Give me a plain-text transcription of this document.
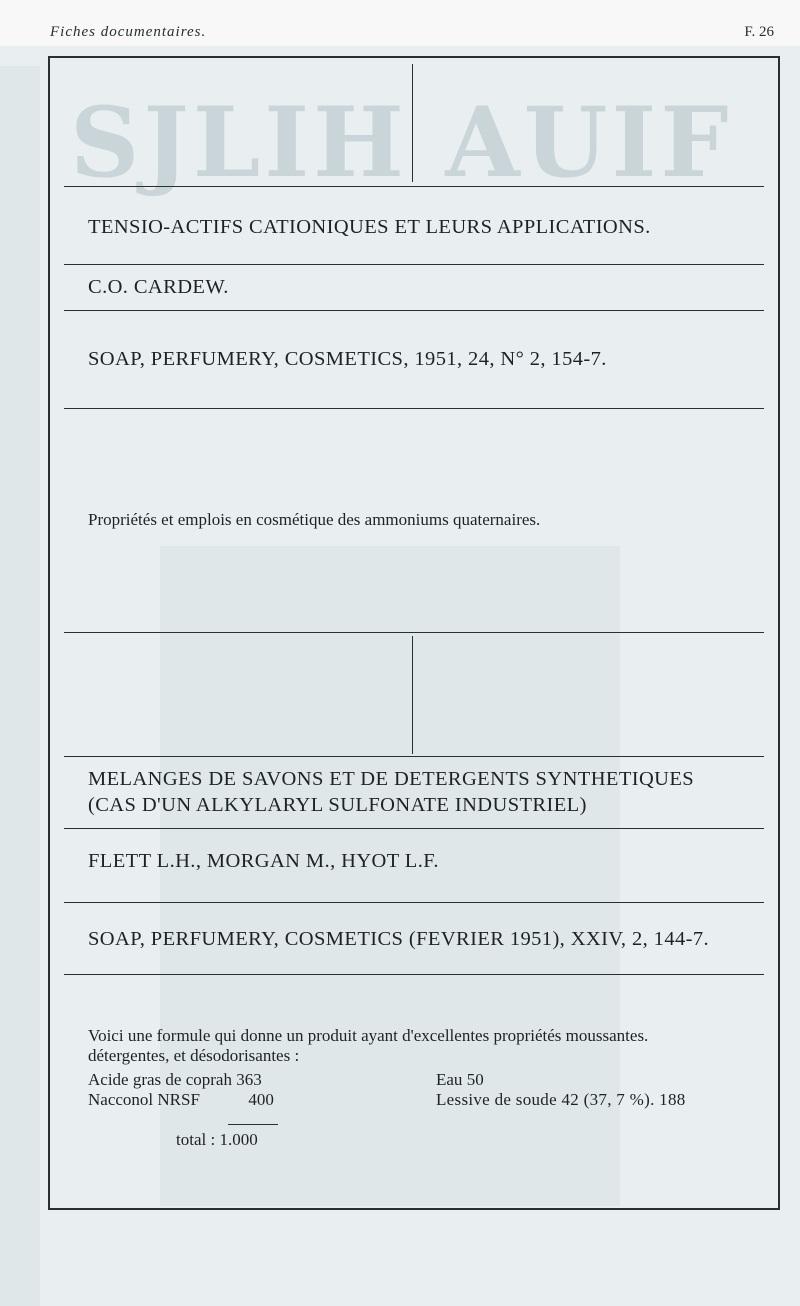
SJLIH AUIF
Fiches documentaires.	F. 26
TENSIO-ACTIFS CATIONIQUES ET LEURS APPLICATIONS.
C.O. CARDEW.
SOAP, PERFUMERY, COSMETICS, 1951, 24, N° 2, 154-7.
Propriétés et emplois en cosmétique des ammoniums quaternaires.
MELANGES DE SAVONS ET DE DETERGENTS SYNTHETIQUES
(CAS D'UN ALKYLARYL SULFONATE INDUSTRIEL)
FLETT L.H., MORGAN M., HYOT L.F.
SOAP, PERFUMERY, COSMETICS (FEVRIER 1951), XXIV, 2, 144-7.
Voici une formule qui donne un produit ayant d'excellentes propriétés moussantes.
détergentes, et désodorisantes :
Acide gras de coprah 363
Nacconol NRSF	400
Eau 50
Lessive de soude 42 (37, 7 %). 188
total : 1.000
